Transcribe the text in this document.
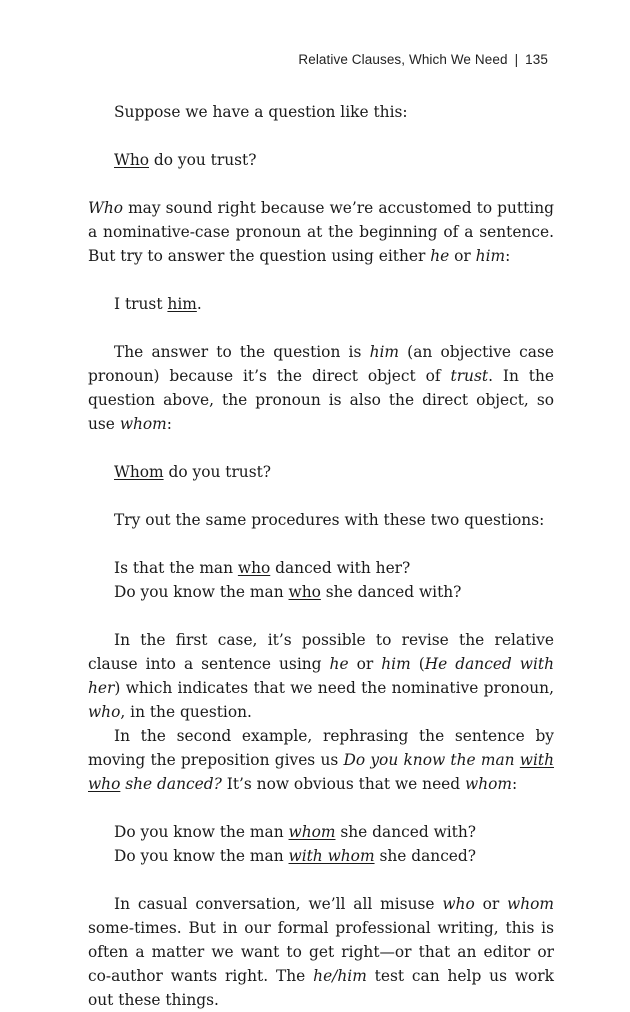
Relative Clauses, Which We Need | 135

Suppose we have a question like this:

Who do you trust?

Who may sound right because we’re accustomed to putting a nominative-case pronoun at the beginning of a sentence. But try to answer the question using either he or him:

I trust him.

The answer to the question is him (an objective case pronoun) because it’s the direct object of trust. In the question above, the pronoun is also the direct object, so use whom:

Whom do you trust?

Try out the same procedures with these two questions:

Is that the man who danced with her?

Do you know the man who she danced with?

In the first case, it’s possible to revise the relative clause into a sentence using he or him (He danced with her) which indicates that we need the nominative pronoun, who, in the question.

In the second example, rephrasing the sentence by moving the preposition gives us Do you know the man with who she danced? It’s now obvious that we need whom:

Do you know the man whom she danced with?

Do you know the man with whom she danced?

In casual conversation, we’ll all misuse who or whom some-times. But in our formal professional writing, this is often a matter we want to get right—or that an editor or co-author wants right. The he/him test can help us work out these things.
